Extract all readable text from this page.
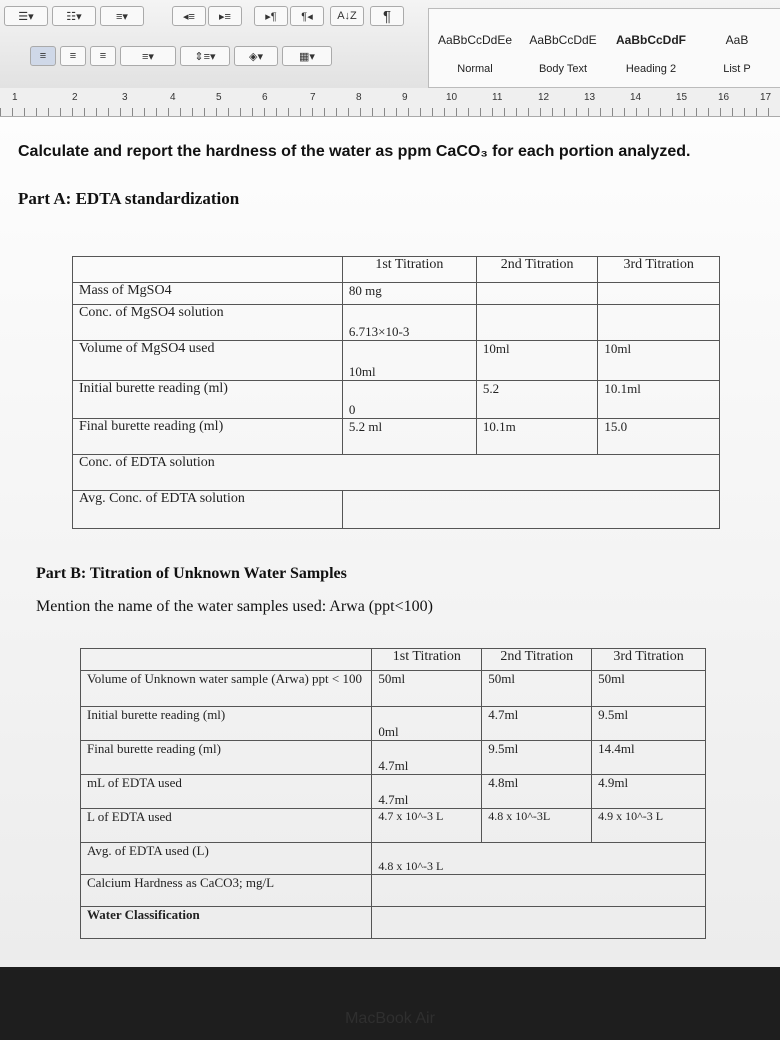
☰▾	☷▾	≡▾	◂≡	▸≡	▸¶	¶◂	A↓Z ¶
≡	≡	≡	≡▾	⇕≡▾	◈▾	▦▾
AaBbCcDdEe
Normal
AaBbCcDdE
Body Text
AaBbCcDdF
Heading 2
AaB
List P
1	2	3	4	5	6	7	8	9	10	11	12	13	14	15	16	17
Calculate and report the hardness of the water as ppm CaCO₃ for each portion analyzed.
Part A: EDTA standardization
	1st Titration	2nd Titration	3rd Titration
Mass of MgSO4	80 mg		
Conc. of MgSO4 solution	6.713×10-3		
Volume of MgSO4 used	10ml	10ml	10ml
Initial burette reading (ml)	0	5.2	10.1ml
Final burette reading (ml)	5.2 ml	10.1m	15.0
Conc. of EDTA solution			
Avg. Conc. of EDTA solution			
Part B: Titration of Unknown Water Samples
Mention the name of the water samples used: Arwa (ppt<100)
	1st Titration	2nd Titration	3rd Titration
Volume of Unknown water sample (Arwa) ppt < 100	50ml	50ml	50ml
Initial burette reading (ml)	0ml	4.7ml	9.5ml
Final burette reading (ml)	4.7ml	9.5ml	14.4ml
mL of EDTA used	4.7ml	4.8ml	4.9ml
L of EDTA used	4.7 x 10^-3 L	4.8 x 10^-3L	4.9 x 10^-3 L
Avg. of EDTA used (L)	4.8 x 10^-3 L		
Calcium Hardness as CaCO3; mg/L			
Water Classification			
MacBook Air
